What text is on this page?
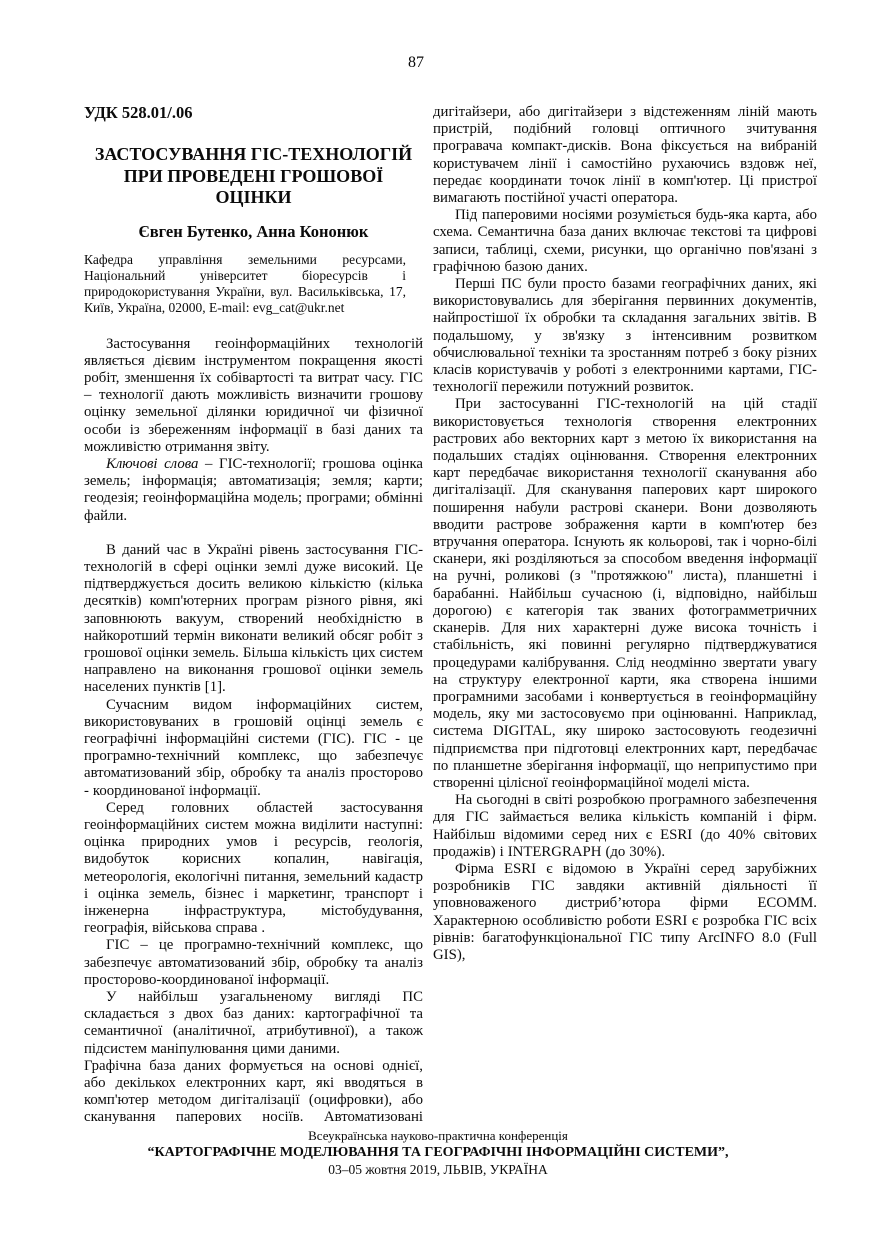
87

УДК 528.01/.06

ЗАСТОСУВАННЯ ГІС-ТЕХНОЛОГІЙ ПРИ ПРОВЕДЕНІ ГРОШОВОЇ ОЦІНКИ

Євген Бутенко, Анна Кононюк

Кафедра управління земельними ресурсами, Національний університет біоресурсів і природокористування України, вул. Васильківська, 17, Київ, Україна, 02000, E-mail: evg_cat@ukr.net

Застосування геоінформаційних технологій являється дієвим інструментом покращення якості робіт, зменшення їх собівартості та витрат часу. ГІС – технології дають можливість визначити грошову оцінку земельної ділянки юридичної чи фізичної особи із збереженням інформації в базі даних та можливістю отримання звіту.

Ключові слова – ГІС-технології; грошова оцінка земель; інформація; автоматизація; земля; карти; геодезія; геоінформаційна модель; програми; обмінні файли.

В даний час в Україні рівень застосування ГІС-технологій в сфері оцінки землі дуже високий. Це підтверджується досить великою кількістю (кілька десятків) комп'ютерних програм різного рівня, які заповнюють вакуум, створений необхідністю в найкоротший термін виконати великий обсяг робіт з грошової оцінки земель. Більша кількість цих систем направлено на виконання грошової оцінки земель населених пунктів [1].

Сучасним видом інформаційних систем, використовуваних в грошовій оцінці земель є географічні інформаційні системи (ГІС). ГІС - це програмно-технічний комплекс, що забезпечує автоматизований збір, обробку та аналіз просторово - координованої інформації.

Серед головних областей застосування геоінформаційних систем можна виділити наступні: оцінка природних умов і ресурсів, геологія, видобуток корисних копалин, навігація, метеорологія, екологічні питання, земельний кадастр і оцінка земель, бізнес і маркетинг, транспорт і інженерна інфраструктура, містобудування, географія, військова справа .

ГІС – це програмно-технічний комплекс, що забезпечує автоматизований збір, обробку та аналіз просторово-координованої інформації.

У найбільш узагальненому вигляді ПС складається з двох баз даних: картографічної та семантичної (аналітичної, атрибутивної), а також підсистем маніпулювання цими даними.

Графічна база даних формується на основі однієї, або декількох електронних карт, які вводяться в комп'ютер методом дигіталізації (оцифровки), або сканування паперових носіїв. Автоматизовані

дигітайзери, або дигітайзери з відстеженням ліній мають пристрій, подібний головці оптичного зчитування програвача компакт-дисків. Вона фіксується на вибраній користувачем лінії і самостійно рухаючись вздовж неї, передає координати точок лінії в комп'ютер. Ці пристрої вимагають постійної участі оператора.

Під паперовими носіями розуміється будь-яка карта, або схема. Семантична база даних включає текстові та цифрові записи, таблиці, схеми, рисунки, що органічно пов'язані з графічною базою даних.

Перші ПС були просто базами географічних даних, які використовувались для зберігання первинних документів, найпростішої їх обробки та складання загальних звітів. В подальшому, у зв'язку з інтенсивним розвитком обчислювальної техніки та зростанням потреб з боку різних класів користувачів у роботі з електронними картами, ГІС-технології пережили потужний розвиток.

При застосуванні ГІС-технологій на цій стадії використовується технологія створення електронних растрових або векторних карт з метою їх використання на подальших стадіях оцінювання. Створення електронних карт передбачає використання технології сканування або дигіталізації. Для сканування паперових карт широкого поширення набули растрові сканери. Вони дозволяють вводити растрове зображення карти в комп'ютер без втручання оператора. Існують як кольорові, так і чорно-білі сканери, які розділяються за способом введення інформації на ручні, роликові (з "протяжкою" листа), планшетні і барабанні. Найбільш сучасною (і, відповідно, найбільш дорогою) є категорія так званих фотограмметричних сканерів. Для них характерні дуже висока точність і стабільність, які повинні регулярно підтверджуватися процедурами калібрування. Слід неодмінно звертати увагу на структуру електронної карти, яка створена іншими програмними засобами і конвертується в геоінформаційну модель, яку ми застосовуємо при оцінюванні. Наприклад, система DIGITAL, яку широко застосовують геодезичні підприємства при підготовці електронних карт, передбачає по планшетне зберігання інформації, що неприпустимо при створенні цілісної геоінформаційної моделі міста.

На сьогодні в світі розробкою програмного забезпечення для ГІС займається велика кількість компаній і фірм. Найбільш відомими серед них є ESRI (до 40% світових продажів) і INTERGRAPH (до 30%).

Фірма ESRI є відомою в Україні серед зарубіжних розробників ГІС завдяки активній діяльності її уповноваженого дистриб’ютора фірми ECOMM. Характерною особливістю роботи ESRI є розробка ГІС всіх рівнів: багатофункціональної ГІС типу ArcINFO 8.0 (Full GIS),

Всеукраїнська науково-практична конференція
“КАРТОГРАФІЧНЕ МОДЕЛЮВАННЯ ТА ГЕОГРАФІЧНІ ІНФОРМАЦІЙНІ СИСТЕМИ”,
03–05 жовтня 2019, ЛЬВІВ, УКРАЇНА
